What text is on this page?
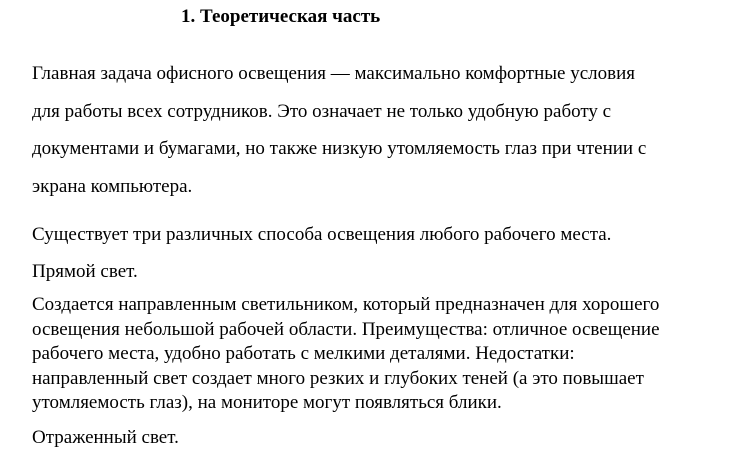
1. Теоретическая часть
Главная задача офисного освещения — максимально комфортные условия
для работы всех сотрудников. Это означает не только удобную работу с
документами и бумагами, но также низкую утомляемость глаз при чтении с
экрана компьютера.
Существует три различных способа освещения любого рабочего места.
Прямой свет.
Создается направленным светильником, который предназначен для хорошего
освещения небольшой рабочей области. Преимущества: отличное освещение
рабочего места, удобно работать с мелкими деталями. Недостатки:
направленный свет создает много резких и глубоких теней (а это повышает
утомляемость глаз), на мониторе могут появляться блики.
Отраженный свет.
